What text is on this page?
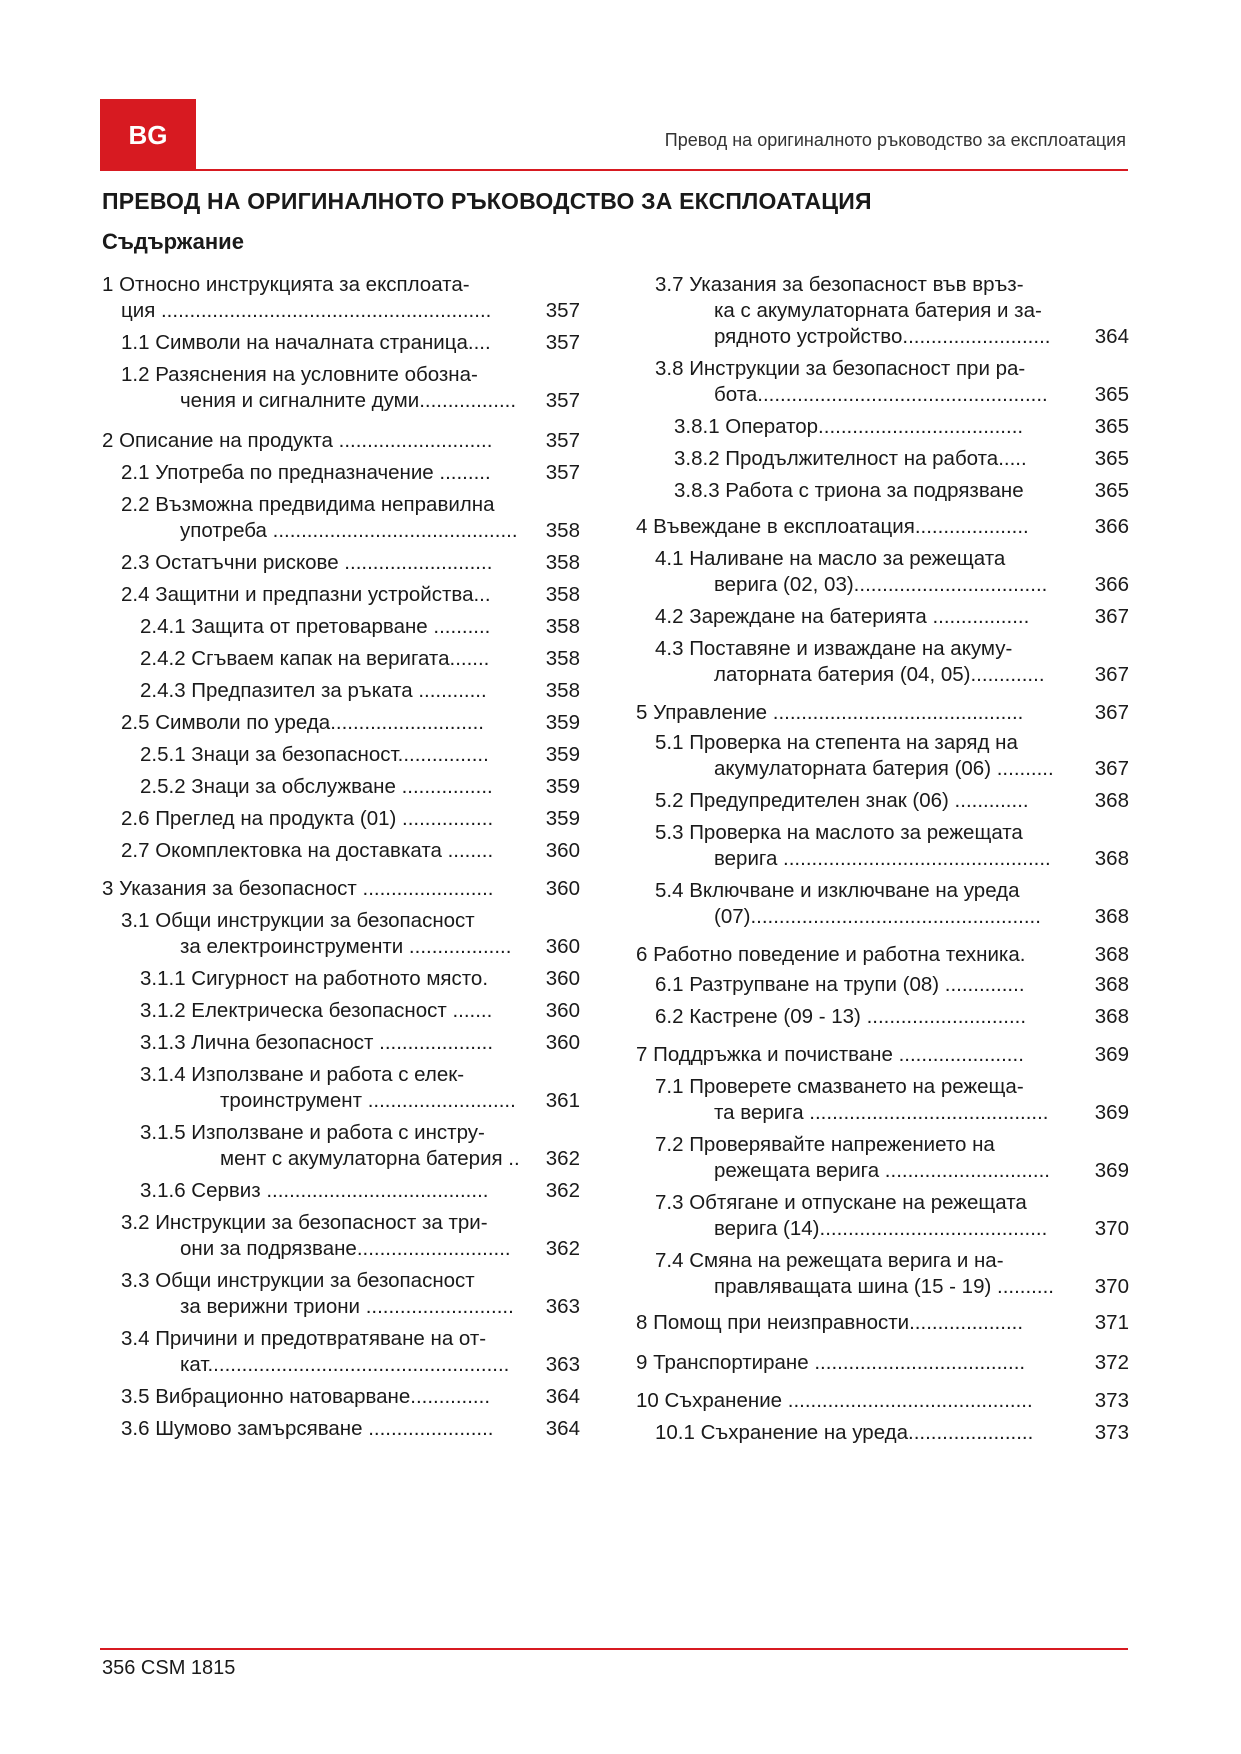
BG	Превод на оригиналното ръководство за експлоатация
ПРЕВОД НА ОРИГИНАЛНОТО РЪКОВОДСТВО ЗА ЕКСПЛОАТАЦИЯ
Съдържание
1 Относно инструкцията за експлоата-
ция ..........................................................	357
1.1 Символи на началната страница....	357
1.2 Разяснения на условните обозна-
чения и сигналните думи.................	357
2 Описание на продукта ...........................	357
2.1 Употреба по предназначение .........	357
2.2 Възможна предвидима неправилна
употреба ...........................................	358
2.3 Остатъчни рискове ..........................	358
2.4 Защитни и предпазни устройства...	358
2.4.1 Защита от претоварване ..........	358
2.4.2 Сгъваем капак на веригата.......	358
2.4.3 Предпазител за ръката ............	358
2.5 Символи по уреда...........................	359
2.5.1 Знаци за безопасност................	359
2.5.2 Знаци за обслужване ................	359
2.6 Преглед на продукта (01) ................	359
2.7 Окомплектовка на доставката ........	360
3 Указания за безопасност .......................	360
3.1 Общи инструкции за безопасност
за електроинструменти ..................	360
3.1.1 Сигурност на работното място.	360
3.1.2 Електрическа безопасност .......	360
3.1.3 Лична безопасност ....................	360
3.1.4 Използване и работа с елек-
троинструмент ..........................	361
3.1.5 Използване и работа с инстру-
мент с акумулаторна батерия ..	362
3.1.6 Сервиз .......................................	362
3.2 Инструкции за безопасност за три-
они за подрязване...........................	362
3.3 Общи инструкции за безопасност
за верижни триони ..........................	363
3.4 Причини и предотвратяване на от-
кат.....................................................	363
3.5 Вибрационно натоварване..............	364
3.6 Шумово замърсяване ......................	364
3.7 Указания за безопасност във връз-
ка с акумулаторната батерия и за-
рядното устройство..........................	364
3.8 Инструкции за безопасност при ра-
бота...................................................	365
3.8.1 Оператор....................................	365
3.8.2 Продължителност на работа.....	365
3.8.3 Работа с триона за подрязване	365
4 Въвеждане в експлоатация....................	366
4.1 Наливане на масло за режещата
верига (02, 03)..................................	366
4.2 Зареждане на батерията .................	367
4.3 Поставяне и изваждане на акуму-
латорната батерия (04, 05).............	367
5 Управление ............................................	367
5.1 Проверка на степента на заряд на
акумулаторната батерия (06) ..........	367
5.2 Предупредителен знак (06) .............	368
5.3 Проверка на маслото за режещата
верига ...............................................	368
5.4 Включване и изключване на уреда
(07)...................................................	368
6 Работно поведение и работна техника.	368
6.1 Разтрупване на трупи (08) ..............	368
6.2 Кастрене (09 - 13) ............................	368
7 Поддръжка и почистване ......................	369
7.1 Проверете смазването на режеща-
та верига ..........................................	369
7.2 Проверявайте напрежението на
режещата верига .............................	369
7.3 Обтягане и отпускане на режещата
верига (14)........................................	370
7.4 Смяна на режещата верига и на-
правляващата шина (15 - 19) ..........	370
8 Помощ при неизправности....................	371
9 Транспортиране .....................................	372
10 Съхранение ...........................................	373
10.1 Съхранение на уреда......................	373
356 CSM 1815
